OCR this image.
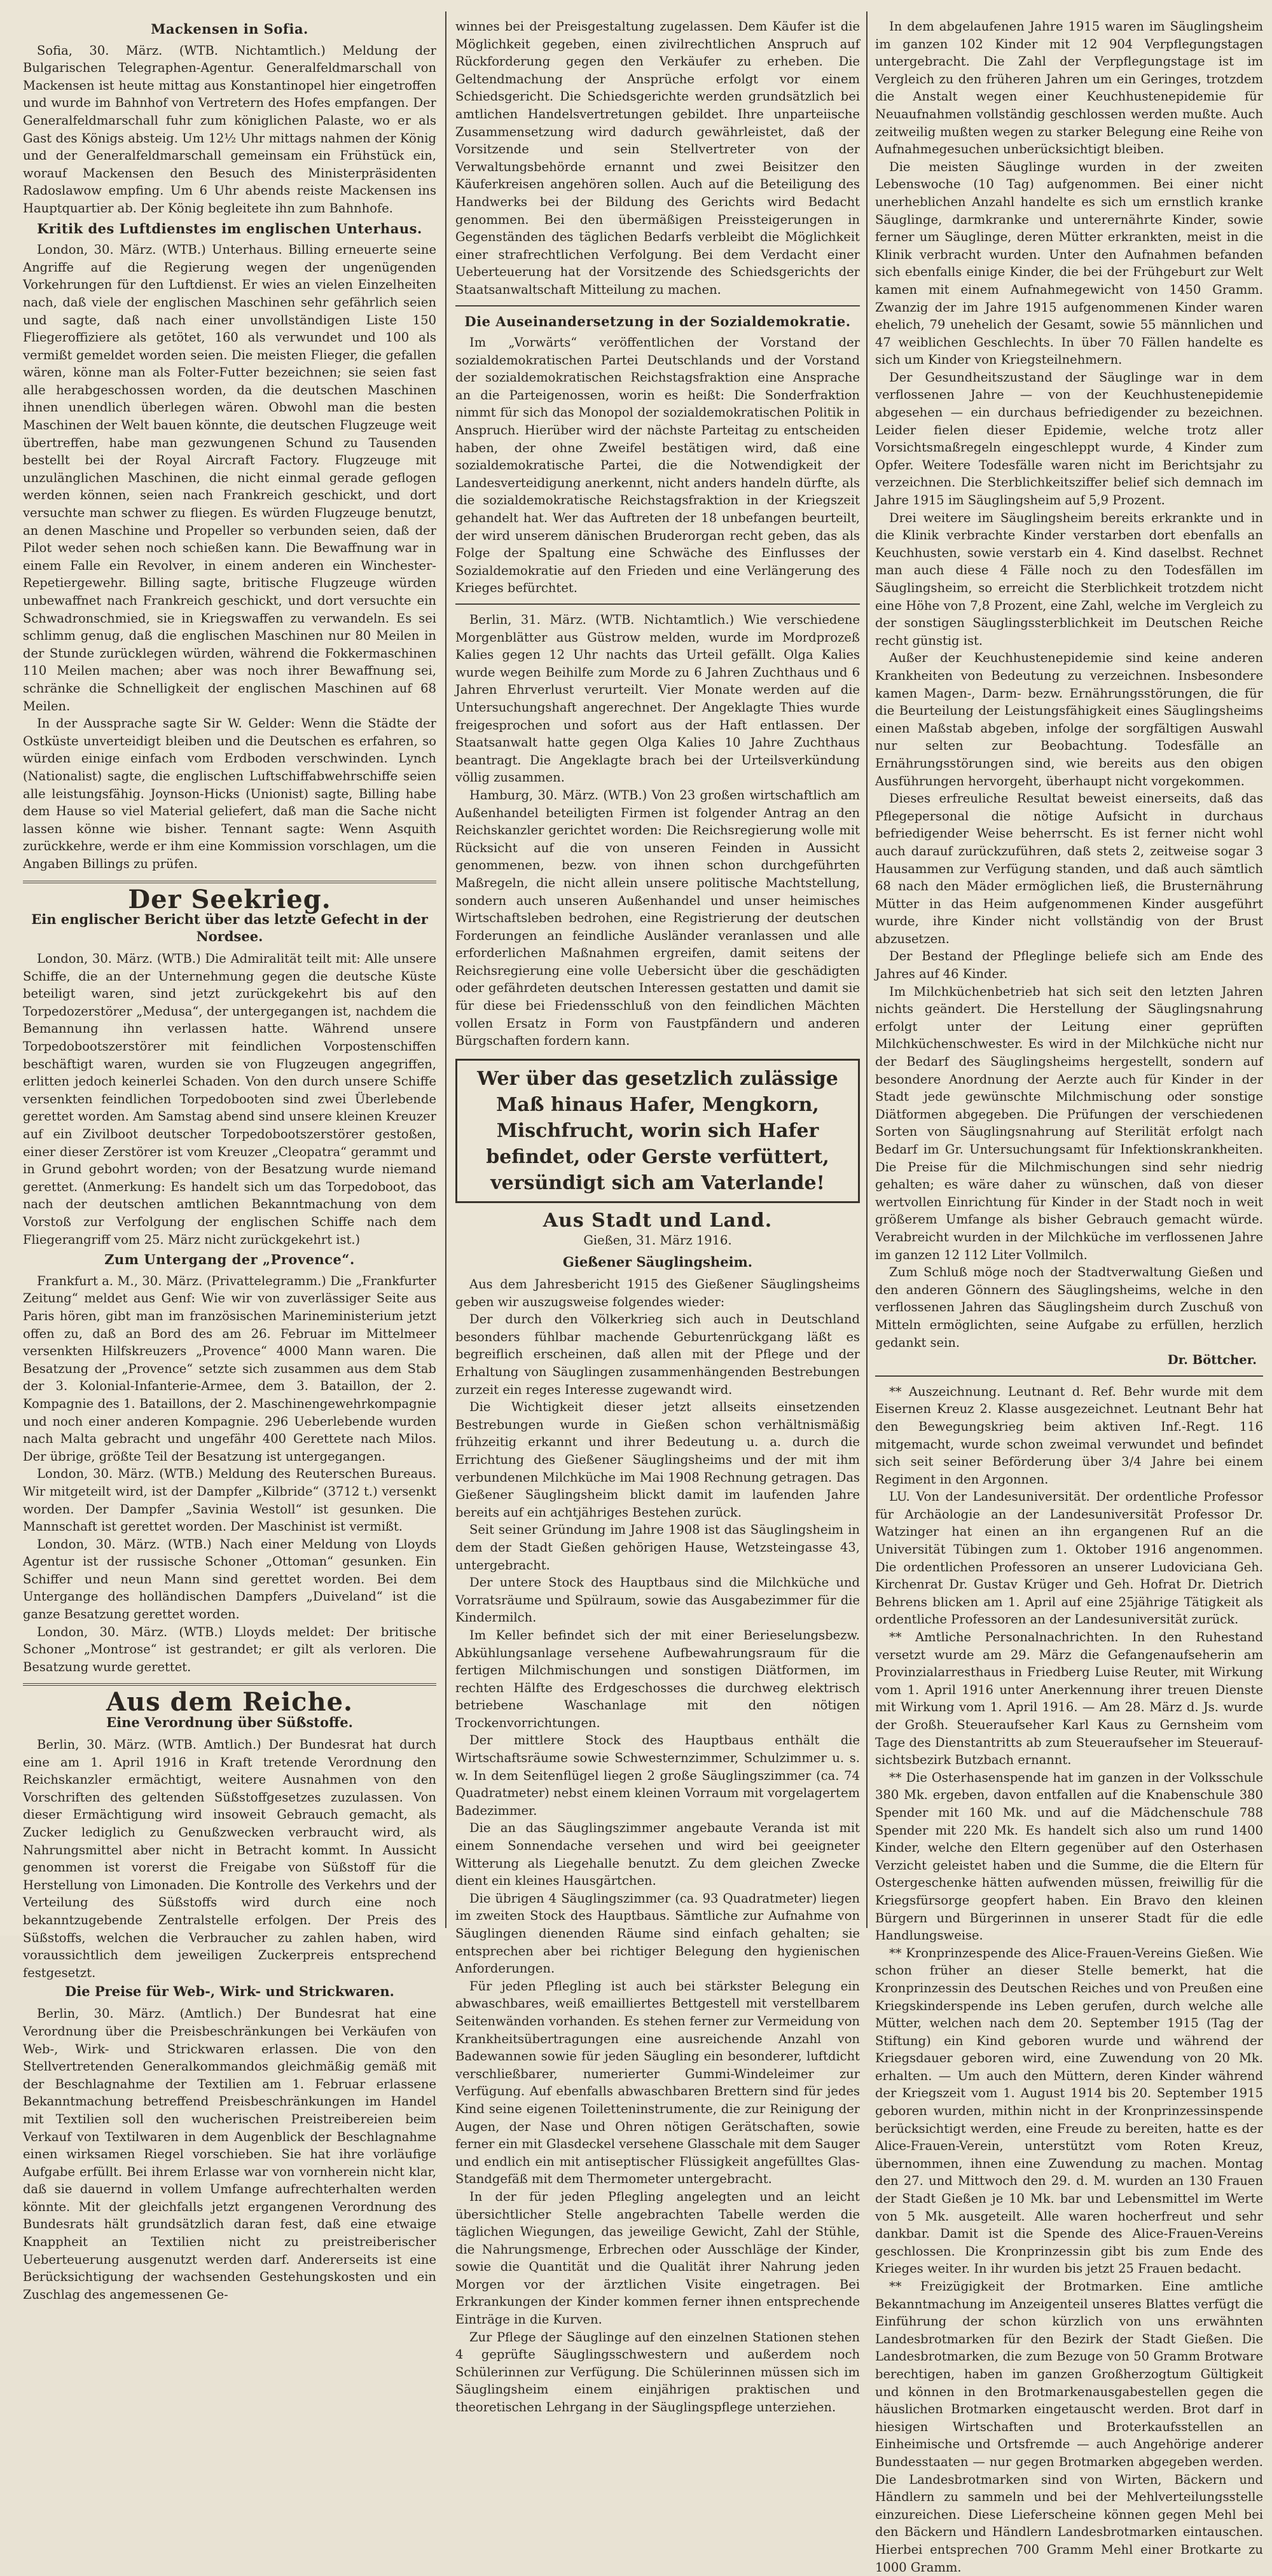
Mackensen in Sofia.

Sofia, 30. März. (WTB. Nichtamtlich.) Meldung der Bulgarischen Telegraphen-Agentur. Generalfeldmarschall von Mackensen ist heute mittag aus Konstantinopel hier eingetroffen und wurde im Bahnhof von Vertretern des Hofes empfangen. Der Generalfeldmarschall fuhr zum königlichen Palaste, wo er als Gast des Königs absteig. Um 12½ Uhr mittags nahmen der König und der Generalfeldmarschall gemeinsam ein Frühstück ein, worauf Mackensen den Besuch des Ministerpräsidenten Radoslawow empfing. Um 6 Uhr abends reiste Mackensen ins Hauptquartier ab. Der König begleitete ihn zum Bahnhofe.

Kritik des Luftdienstes im englischen Unterhaus.

London, 30. März. (WTB.) Unterhaus. Billing erneuerte seine Angriffe auf die Regierung wegen der ungenügenden Vorkehrungen für den Luftdienst. Er wies an vielen Einzelheiten nach, daß viele der englischen Maschinen sehr gefährlich seien und sagte, daß nach einer unvollständigen Liste 150 Fliegeroffiziere als getötet, 160 als verwundet und 100 als vermißt gemeldet worden seien. Die meisten Flieger, die gefallen wären, könne man als Folter-Futter bezeichnen; sie seien fast alle herabgeschossen worden, da die deutschen Maschinen ihnen unendlich überlegen wären. Obwohl man die besten Maschinen der Welt bauen könnte, die deutschen Flugzeuge weit übertreffen, habe man gezwungenen Schund zu Tausenden bestellt bei der Royal Aircraft Factory. Flugzeuge mit unzulänglichen Maschinen, die nicht einmal gerade geflogen werden können, seien nach Frankreich geschickt, und dort versuchte man schwer zu fliegen. Es würden Flugzeuge benutzt, an denen Maschine und Propeller so verbunden seien, daß der Pilot weder sehen noch schießen kann. Die Bewaffnung war in einem Falle ein Revolver, in einem anderen ein Winchester-Repetiergewehr. Billing sagte, britische Flugzeuge würden unbewaffnet nach Frankreich geschickt, und dort versuchte ein Schwadronschmied, sie in Kriegswaffen zu verwandeln. Es sei schlimm genug, daß die englischen Maschinen nur 80 Meilen in der Stunde zurücklegen würden, während die Fokkermaschinen 110 Meilen machen; aber was noch ihrer Bewaffnung sei, schränke die Schnelligkeit der englischen Maschinen auf 68 Meilen.

In der Aussprache sagte Sir W. Gelder: Wenn die Städte der Ostküste unverteidigt bleiben und die Deutschen es erfahren, so würden einige einfach vom Erdboden verschwinden. Lynch (Nationalist) sagte, die englischen Luftschiffabwehrschiffe seien alle leistungsfähig. Joynson-Hicks (Unionist) sagte, Billing habe dem Hause so viel Material geliefert, daß man die Sache nicht lassen könne wie bisher. Tennant sagte: Wenn Asquith zurückkehre, werde er ihm eine Kommission vorschlagen, um die Angaben Billings zu prüfen.

Der Seekrieg.
Ein englischer Bericht über das letzte Gefecht in der Nordsee.

London, 30. März. (WTB.) Die Admiralität teilt mit: Alle unsere Schiffe, die an der Unternehmung gegen die deutsche Küste beteiligt waren, sind jetzt zurückgekehrt bis auf den Torpedozerstörer „Medusa“, der untergegangen ist, nachdem die Bemannung ihn verlassen hatte. Während unsere Torpedobootszerstörer mit feindlichen Vorpostenschiffen beschäftigt waren, wurden sie von Flugzeugen angegriffen, erlitten jedoch keinerlei Schaden. Von den durch unsere Schiffe versenkten feindlichen Torpedobooten sind zwei Überlebende gerettet worden. Am Samstag abend sind unsere kleinen Kreuzer auf ein Zivilboot deutscher Torpedobootszerstörer gestoßen, einer dieser Zerstörer ist vom Kreuzer „Cleopatra“ gerammt und in Grund gebohrt worden; von der Besatzung wurde niemand gerettet. (Anmerkung: Es handelt sich um das Torpedoboot, das nach der deutschen amtlichen Bekanntmachung von dem Vorstoß zur Verfolgung der englischen Schiffe nach dem Fliegerangriff vom 25. März nicht zurückgekehrt ist.)

Zum Untergang der „Provence“.

Frankfurt a. M., 30. März. (Privattelegramm.) Die „Frankfurter Zeitung“ meldet aus Genf: Wie wir von zuverlässiger Seite aus Paris hören, gibt man im französischen Marineministerium jetzt offen zu, daß an Bord des am 26. Februar im Mittelmeer versenkten Hilfskreuzers „Provence“ 4000 Mann waren. Die Besatzung der „Provence“ setzte sich zusammen aus dem Stab der 3. Kolonial-Infanterie-Armee, dem 3. Bataillon, der 2. Kompagnie des 1. Bataillons, der 2. Maschinengewehrkompagnie und noch einer anderen Kompagnie. 296 Ueberlebende wurden nach Malta gebracht und ungefähr 400 Gerettete nach Milos. Der übrige, größte Teil der Besatzung ist untergegangen.

London, 30. März. (WTB.) Meldung des Reuterschen Bureaus. Wir mitgeteilt wird, ist der Dampfer „Kilbride“ (3712 t.) versenkt worden. Der Dampfer „Savinia Westoll“ ist gesunken. Die Mannschaft ist gerettet worden. Der Maschinist ist vermißt.

London, 30. März. (WTB.) Nach einer Meldung von Lloyds Agentur ist der russische Schoner „Ottoman“ gesunken. Ein Schiffer und neun Mann sind gerettet worden. Bei dem Untergange des holländischen Dampfers „Duiveland“ ist die ganze Besatzung gerettet worden.

London, 30. März. (WTB.) Lloyds meldet: Der britische Schoner „Montrose“ ist gestrandet; er gilt als verloren. Die Besatzung wurde gerettet.

Aus dem Reiche.
Eine Verordnung über Süßstoffe.

Berlin, 30. März. (WTB. Amtlich.) Der Bundesrat hat durch eine am 1. April 1916 in Kraft tretende Verordnung den Reichskanzler ermächtigt, weitere Ausnahmen von den Vorschriften des geltenden Süßstoffgesetzes zuzulassen. Von dieser Ermächtigung wird insoweit Gebrauch gemacht, als Zucker lediglich zu Genußzwecken verbraucht wird, als Nahrungsmittel aber nicht in Betracht kommt. In Aussicht genommen ist vorerst die Freigabe von Süßstoff für die Herstellung von Limonaden. Die Kontrolle des Verkehrs und der Verteilung des Süßstoffs wird durch eine noch bekanntzugebende Zentralstelle erfolgen. Der Preis des Süßstoffs, welchen die Verbraucher zu zahlen haben, wird voraussichtlich dem jeweiligen Zuckerpreis entsprechend festgesetzt.

Die Preise für Web-, Wirk- und Strickwaren.

Berlin, 30. März. (Amtlich.) Der Bundesrat hat eine Verordnung über die Preisbeschränkungen bei Verkäufen von Web-, Wirk- und Strickwaren erlassen. Die von den Stellvertretenden Generalkommandos gleichmäßig gemäß mit der Beschlagnahme der Textilien am 1. Februar erlassene Bekanntmachung betreffend Preisbeschränkungen im Handel mit Textilien soll den wucherischen Preistreibereien beim Verkauf von Textilwaren in dem Augenblick der Beschlagnahme einen wirksamen Riegel vorschieben. Sie hat ihre vorläufige Aufgabe erfüllt. Bei ihrem Erlasse war von vornherein nicht klar, daß sie dauernd in vollem Umfange aufrechterhalten werden könnte. Mit der gleichfalls jetzt ergangenen Verordnung des Bundesrats hält grundsätzlich daran fest, daß eine etwaige Knappheit an Textilien nicht zu preistreiberischer Ueberteuerung ausgenutzt werden darf. Andererseits ist eine Berücksichtigung der wachsenden Gestehungskosten und ein Zuschlag des angemessenen Ge-

winnes bei der Preisgestaltung zugelassen. Dem Käufer ist die Möglichkeit gegeben, einen zivilrechtlichen Anspruch auf Rückforderung gegen den Verkäufer zu erheben. Die Geltendmachung der Ansprüche erfolgt vor einem Schiedsgericht. Die Schiedsgerichte werden grundsätzlich bei amtlichen Handelsvertretungen gebildet. Ihre unparteiische Zusammensetzung wird dadurch gewährleistet, daß der Vorsitzende und sein Stellvertreter von der Verwaltungsbehörde ernannt und zwei Beisitzer den Käuferkreisen angehören sollen. Auch auf die Beteiligung des Handwerks bei der Bildung des Gerichts wird Bedacht genommen. Bei den übermäßigen Preissteigerungen in Gegenständen des täglichen Bedarfs verbleibt die Möglichkeit einer strafrechtlichen Verfolgung. Bei dem Verdacht einer Ueberteuerung hat der Vorsitzende des Schiedsgerichts der Staatsanwaltschaft Mitteilung zu machen.

Die Auseinandersetzung in der Sozialdemokratie.

Im „Vorwärts“ veröffentlichen der Vorstand der sozialdemokratischen Partei Deutschlands und der Vorstand der sozialdemokratischen Reichstagsfraktion eine Ansprache an die Parteigenossen, worin es heißt: Die Sonderfraktion nimmt für sich das Monopol der sozialdemokratischen Politik in Anspruch. Hierüber wird der nächste Parteitag zu entscheiden haben, der ohne Zweifel bestätigen wird, daß eine sozialdemokratische Partei, die die Notwendigkeit der Landesverteidigung anerkennt, nicht anders handeln dürfte, als die sozialdemokratische Reichstagsfraktion in der Kriegszeit gehandelt hat. Wer das Auftreten der 18 unbefangen beurteilt, der wird unserem dänischen Bruderorgan recht geben, das als Folge der Spaltung eine Schwäche des Einflusses der Sozialdemokratie auf den Frieden und eine Verlängerung des Krieges befürchtet.

Berlin, 31. März. (WTB. Nichtamtlich.) Wie verschiedene Morgenblätter aus Güstrow melden, wurde im Mordprozeß Kalies gegen 12 Uhr nachts das Urteil gefällt. Olga Kalies wurde wegen Beihilfe zum Morde zu 6 Jahren Zuchthaus und 6 Jahren Ehrverlust verurteilt. Vier Monate werden auf die Untersuchungshaft angerechnet. Der Angeklagte Thies wurde freigesprochen und sofort aus der Haft entlassen. Der Staatsanwalt hatte gegen Olga Kalies 10 Jahre Zuchthaus beantragt. Die Angeklagte brach bei der Urteilsverkündung völlig zusammen.

Hamburg, 30. März. (WTB.) Von 23 großen wirtschaftlich am Außenhandel beteiligten Firmen ist folgender Antrag an den Reichskanzler gerichtet worden: Die Reichsregierung wolle mit Rücksicht auf die von unseren Feinden in Aussicht genommenen, bezw. von ihnen schon durchgeführten Maßregeln, die nicht allein unsere politische Machtstellung, sondern auch unseren Außenhandel und unser heimisches Wirtschaftsleben bedrohen, eine Registrierung der deutschen Forderungen an feindliche Ausländer veranlassen und alle erforderlichen Maßnahmen ergreifen, damit seitens der Reichsregierung eine volle Uebersicht über die geschädigten oder gefährdeten deutschen Interessen gestatten und damit sie für diese bei Friedensschluß von den feindlichen Mächten vollen Ersatz in Form von Faustpfändern und anderen Bürgschaften fordern kann.

Wer über das gesetzlich zulässige Maß hinaus Hafer, Mengkorn, Mischfrucht, worin sich Hafer befindet, oder Gerste verfüttert, versündigt sich am Vaterlande!
Aus Stadt und Land.
Gießen, 31. März 1916.
Gießener Säuglingsheim.

Aus dem Jahresbericht 1915 des Gießener Säuglingsheims geben wir auszugsweise folgendes wieder:

Der durch den Völkerkrieg sich auch in Deutschland besonders fühlbar machende Geburtenrückgang läßt es begreiflich erscheinen, daß allen mit der Pflege und der Erhaltung von Säuglingen zusammenhängenden Bestrebungen zurzeit ein reges Interesse zugewandt wird.

Die Wichtigkeit dieser jetzt allseits einsetzenden Bestrebungen wurde in Gießen schon verhältnismäßig frühzeitig erkannt und ihrer Bedeutung u. a. durch die Errichtung des Gießener Säuglingsheims und der mit ihm verbundenen Milchküche im Mai 1908 Rechnung getragen. Das Gießener Säuglingsheim blickt damit im laufenden Jahre bereits auf ein achtjähriges Bestehen zurück.

Seit seiner Gründung im Jahre 1908 ist das Säuglingsheim in dem der Stadt Gießen gehörigen Hause, Wetzsteingasse 43, untergebracht.

Der untere Stock des Hauptbaus sind die Milchküche und Vorratsräume und Spülraum, sowie das Ausgabezimmer für die Kindermilch.

Im Keller befindet sich der mit einer Berieselungsbezw. Abkühlungsanlage versehene Aufbewahrungsraum für die fertigen Milchmischungen und sonstigen Diätformen, im rechten Hälfte des Erdgeschosses die durchweg elektrisch betriebene Waschanlage mit den nötigen Trockenvorrichtungen.

Der mittlere Stock des Hauptbaus enthält die Wirtschaftsräume sowie Schwesternzimmer, Schulzimmer u. s. w. In dem Seitenflügel liegen 2 große Säuglingszimmer (ca. 74 Quadratmeter) nebst einem kleinen Vorraum mit vorgelagertem Badezimmer.

Die an das Säuglingszimmer angebaute Veranda ist mit einem Sonnendache versehen und wird bei geeigneter Witterung als Liegehalle benutzt. Zu dem gleichen Zwecke dient ein kleines Hausgärtchen.

Die übrigen 4 Säuglingszimmer (ca. 93 Quadratmeter) liegen im zweiten Stock des Hauptbaus. Sämtliche zur Aufnahme von Säuglingen dienenden Räume sind einfach gehalten; sie entsprechen aber bei richtiger Belegung den hygienischen Anforderungen.

Für jeden Pflegling ist auch bei stärkster Belegung ein abwaschbares, weiß emailliertes Bettgestell mit verstellbarem Seitenwänden vorhanden. Es stehen ferner zur Vermeidung von Krankheitsübertragungen eine ausreichende Anzahl von Badewannen sowie für jeden Säugling ein besonderer, luftdicht verschließbarer, numerierter Gummi-Windeleimer zur Verfügung. Auf ebenfalls abwaschbaren Brettern sind für jedes Kind seine eigenen Toiletteninstrumente, die zur Reinigung der Augen, der Nase und Ohren nötigen Gerätschaften, sowie ferner ein mit Glasdeckel versehene Glasschale mit dem Sauger und endlich ein mit antiseptischer Flüssigkeit angefülltes Glas-Standgefäß mit dem Thermometer untergebracht.

In der für jeden Pflegling angelegten und an leicht übersichtlicher Stelle angebrachten Tabelle werden die täglichen Wiegungen, das jeweilige Gewicht, Zahl der Stühle, die Nahrungsmenge, Erbrechen oder Ausschläge der Kinder, sowie die Quantität und die Qualität ihrer Nahrung jeden Morgen vor der ärztlichen Visite eingetragen. Bei Erkrankungen der Kinder kommen ferner ihnen entsprechende Einträge in die Kurven.

Zur Pflege der Säuglinge auf den einzelnen Stationen stehen 4 geprüfte Säuglingsschwestern und außerdem noch Schülerinnen zur Verfügung. Die Schülerinnen müssen sich im Säuglingsheim einem einjährigen praktischen und theoretischen Lehrgang in der Säuglingspflege unterziehen.

In dem abgelaufenen Jahre 1915 waren im Säuglingsheim im ganzen 102 Kinder mit 12 904 Verpflegungstagen untergebracht. Die Zahl der Verpflegungstage ist im Vergleich zu den früheren Jahren um ein Geringes, trotzdem die Anstalt wegen einer Keuchhustenepidemie für Neuaufnahmen vollständig geschlossen werden mußte. Auch zeitweilig mußten wegen zu starker Belegung eine Reihe von Aufnahmegesuchen unberücksichtigt bleiben.

Die meisten Säuglinge wurden in der zweiten Lebenswoche (10 Tag) aufgenommen. Bei einer nicht unerheblichen Anzahl handelte es sich um ernstlich kranke Säuglinge, darmkranke und unterernährte Kinder, sowie ferner um Säuglinge, deren Mütter erkrankten, meist in die Klinik verbracht wurden. Unter den Aufnahmen befanden sich ebenfalls einige Kinder, die bei der Frühgeburt zur Welt kamen mit einem Aufnahmegewicht von 1450 Gramm. Zwanzig der im Jahre 1915 aufgenommenen Kinder waren ehelich, 79 unehelich der Gesamt, sowie 55 männlichen und 47 weiblichen Geschlechts. In über 70 Fällen handelte es sich um Kinder von Kriegsteilnehmern.

Der Gesundheitszustand der Säuglinge war in dem verflossenen Jahre — von der Keuchhustenepidemie abgesehen — ein durchaus befriedigender zu bezeichnen. Leider fielen dieser Epidemie, welche trotz aller Vorsichtsmaßregeln eingeschleppt wurde, 4 Kinder zum Opfer. Weitere Todesfälle waren nicht im Berichtsjahr zu verzeichnen. Die Sterblichkeitsziffer belief sich demnach im Jahre 1915 im Säuglingsheim auf 5,9 Prozent.

Drei weitere im Säuglingsheim bereits erkrankte und in die Klinik verbrachte Kinder verstarben dort ebenfalls an Keuchhusten, sowie verstarb ein 4. Kind daselbst. Rechnet man auch diese 4 Fälle noch zu den Todesfällen im Säuglingsheim, so erreicht die Sterblichkeit trotzdem nicht eine Höhe von 7,8 Prozent, eine Zahl, welche im Vergleich zu der sonstigen Säuglingssterblichkeit im Deutschen Reiche recht günstig ist.

Außer der Keuchhustenepidemie sind keine anderen Krankheiten von Bedeutung zu verzeichnen. Insbesondere kamen Magen-, Darm- bezw. Ernährungsstörungen, die für die Beurteilung der Leistungsfähigkeit eines Säuglingsheims einen Maßstab abgeben, infolge der sorgfältigen Auswahl nur selten zur Beobachtung. Todesfälle an Ernährungsstörungen sind, wie bereits aus den obigen Ausführungen hervorgeht, überhaupt nicht vorgekommen.

Dieses erfreuliche Resultat beweist einerseits, daß das Pflegepersonal die nötige Aufsicht in durchaus befriedigender Weise beherrscht. Es ist ferner nicht wohl auch darauf zurückzuführen, daß stets 2, zeitweise sogar 3 Hausammen zur Verfügung standen, und daß auch sämtlich 68 nach den Mäder ermöglichen ließ, die Brusternährung Mütter in das Heim aufgenommenen Kinder ausgeführt wurde, ihre Kinder nicht vollständig von der Brust abzusetzen.

Der Bestand der Pfleglinge beliefe sich am Ende des Jahres auf 46 Kinder.

Im Milchküchenbetrieb hat sich seit den letzten Jahren nichts geändert. Die Herstellung der Säuglingsnahrung erfolgt unter der Leitung einer geprüften Milchküchenschwester. Es wird in der Milchküche nicht nur der Bedarf des Säuglingsheims hergestellt, sondern auf besondere Anordnung der Aerzte auch für Kinder in der Stadt jede gewünschte Milchmischung oder sonstige Diätformen abgegeben. Die Prüfungen der verschiedenen Sorten von Säuglingsnahrung auf Sterilität erfolgt nach Bedarf im Gr. Untersuchungsamt für Infektionskrankheiten. Die Preise für die Milchmischungen sind sehr niedrig gehalten; es wäre daher zu wünschen, daß von dieser wertvollen Einrichtung für Kinder in der Stadt noch in weit größerem Umfange als bisher Gebrauch gemacht würde. Verabreicht wurden in der Milchküche im verflossenen Jahre im ganzen 12 112 Liter Vollmilch.

Zum Schluß möge noch der Stadtverwaltung Gießen und den anderen Gönnern des Säuglingsheims, welche in den verflossenen Jahren das Säuglingsheim durch Zuschuß von Mitteln ermöglichten, seine Aufgabe zu erfüllen, herzlich gedankt sein.

Dr. Böttcher.

** Auszeichnung. Leutnant d. Ref. Behr wurde mit dem Eisernen Kreuz 2. Klasse ausgezeichnet. Leutnant Behr hat den Bewegungskrieg beim aktiven Inf.-Regt. 116 mitgemacht, wurde schon zweimal verwundet und befindet sich seit seiner Beförderung über 3/4 Jahre bei einem Regiment in den Argonnen.

LU. Von der Landesuniversität. Der ordentliche Professor für Archäologie an der Landesuniversität Professor Dr. Watzinger hat einen an ihn ergangenen Ruf an die Universität Tübingen zum 1. Oktober 1916 angenommen. Die ordentlichen Professoren an unserer Ludoviciana Geh. Kirchenrat Dr. Gustav Krüger und Geh. Hofrat Dr. Dietrich Behrens blicken am 1. April auf eine 25jährige Tätigkeit als ordentliche Professoren an der Landesuniversität zurück.

** Amtliche Personalnachrichten. In den Ruhestand versetzt wurde am 29. März die Gefangenaufseherin am Provinzialarresthaus in Friedberg Luise Reuter, mit Wirkung vom 1. April 1916 unter Anerkennung ihrer treuen Dienste mit Wirkung vom 1. April 1916. — Am 28. März d. Js. wurde der Großh. Steueraufseher Karl Kaus zu Gernsheim vom Tage des Dienstantritts ab zum Steueraufseher im Steueraufsichtsbezirk Butzbach ernannt.

** Die Osterhasenspende hat im ganzen in der Volksschule 380 Mk. ergeben, davon entfallen auf die Knabenschule 380 Spender mit 160 Mk. und auf die Mädchenschule 788 Spender mit 220 Mk. Es handelt sich also um rund 1400 Kinder, welche den Eltern gegenüber auf den Osterhasen Verzicht geleistet haben und die Summe, die die Eltern für Ostergeschenke hätten aufwenden müssen, freiwillig für die Kriegsfürsorge geopfert haben. Ein Bravo den kleinen Bürgern und Bürgerinnen in unserer Stadt für die edle Handlungsweise.

** Kronprinzespende des Alice-Frauen-Vereins Gießen. Wie schon früher an dieser Stelle bemerkt, hat die Kronprinzessin des Deutschen Reiches und von Preußen eine Kriegskinderspende ins Leben gerufen, durch welche alle Mütter, welchen nach dem 20. September 1915 (Tag der Stiftung) ein Kind geboren wurde und während der Kriegsdauer geboren wird, eine Zuwendung von 20 Mk. erhalten. — Um auch den Müttern, deren Kinder während der Kriegszeit vom 1. August 1914 bis 20. September 1915 geboren wurden, mithin nicht in der Kronprinzessinspende berücksichtigt werden, eine Freude zu bereiten, hatte es der Alice-Frauen-Verein, unterstützt vom Roten Kreuz, übernommen, ihnen eine Zuwendung zu machen. Montag den 27. und Mittwoch den 29. d. M. wurden an 130 Frauen der Stadt Gießen je 10 Mk. bar und Lebensmittel im Werte von 5 Mk. ausgeteilt. Alle waren hocherfreut und sehr dankbar. Damit ist die Spende des Alice-Frauen-Vereins geschlossen. Die Kronprinzessin gibt bis zum Ende des Krieges weiter. In ihr wurden bis jetzt 25 Frauen bedacht.

** Freizügigkeit der Brotmarken. Eine amtliche Bekanntmachung im Anzeigenteil unseres Blattes verfügt die Einführung der schon kürzlich von uns erwähnten Landesbrotmarken für den Bezirk der Stadt Gießen. Die Landesbrotmarken, die zum Bezuge von 50 Gramm Brotware berechtigen, haben im ganzen Großherzogtum Gültigkeit und können in den Brotmarkenausgabestellen gegen die häuslichen Brotmarken eingetauscht werden. Brot darf in hiesigen Wirtschaften und Broterkaufsstellen an Einheimische und Ortsfremde — auch Angehörige anderer Bundesstaaten — nur gegen Brotmarken abgegeben werden. Die Landesbrotmarken sind von Wirten, Bäckern und Händlern zu sammeln und bei der Mehlverteilungsstelle einzureichen. Diese Lieferscheine können gegen Mehl bei den Bäckern und Händlern Landesbrotmarken eintauschen. Hierbei entsprechen 700 Gramm Mehl einer Brotkarte zu 1000 Gramm.
